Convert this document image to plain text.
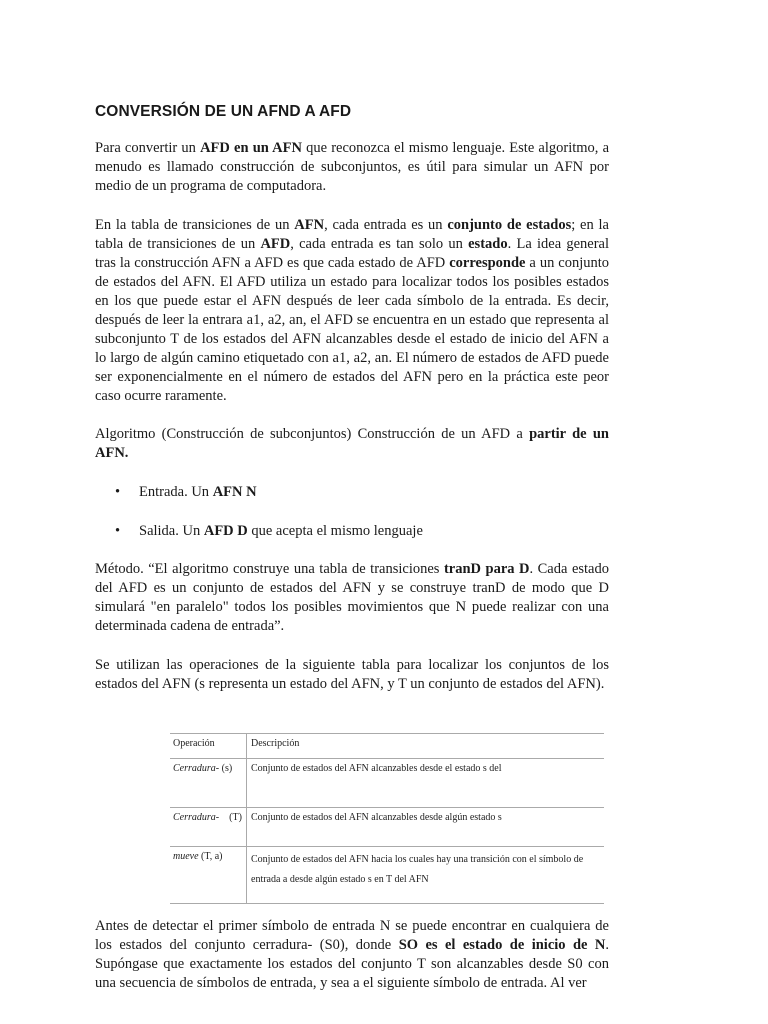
CONVERSIÓN DE UN AFND A AFD

Para convertir un AFD en un AFN que reconozca el mismo lenguaje. Este algoritmo, a menudo es llamado construcción de subconjuntos, es útil para simular un AFN por medio de un programa de computadora.

En la tabla de transiciones de un AFN, cada entrada es un conjunto de estados; en la tabla de transiciones de un AFD, cada entrada es tan solo un estado. La idea general tras la construcción AFN a AFD es que cada estado de AFD corresponde a un conjunto de estados del AFN. El AFD utiliza un estado para localizar todos los posibles estados en los que puede estar el AFN después de leer cada símbolo de la entrada. Es decir, después de leer la entrara a1, a2, an, el AFD se encuentra en un estado que representa al subconjunto T de los estados del AFN alcanzables desde el estado de inicio del AFN a lo largo de algún camino etiquetado con a1, a2, an. El número de estados de AFD puede ser exponencialmente en el número de estados del AFN pero en la práctica este peor caso ocurre raramente.

Algoritmo (Construcción de subconjuntos) Construcción de un AFD a partir de un AFN.

• Entrada. Un AFN N
• Salida. Un AFD D que acepta el mismo lenguaje

Método. “El algoritmo construye una tabla de transiciones tranD para D. Cada estado del AFD es un conjunto de estados del AFN y se construye tranD de modo que D simulará "en paralelo" todos los posibles movimientos que N puede realizar con una determinada cadena de entrada”.

Se utilizan las operaciones de la siguiente tabla para localizar los conjuntos de los estados del AFN (s representa un estado del AFN, y T un conjunto de estados del AFN).

Operación	Descripción
Cerradura- (s)	Conjunto de estados del AFN alcanzables desde el estado s del
Cerradura-    (T)	Conjunto de estados del AFN alcanzables desde algún estado s
mueve (T, a)	Conjunto de estados del AFN hacia los cuales hay una transición con el símbolo de entrada a desde algún estado s en T del AFN

Antes de detectar el primer símbolo de entrada N se puede encontrar en cualquiera de los estados del conjunto cerradura- (S0), donde SO es el estado de inicio de N. Supóngase que exactamente los estados del conjunto T son alcanzables desde S0 con una secuencia de símbolos de entrada, y sea a el siguiente símbolo de entrada. Al ver
